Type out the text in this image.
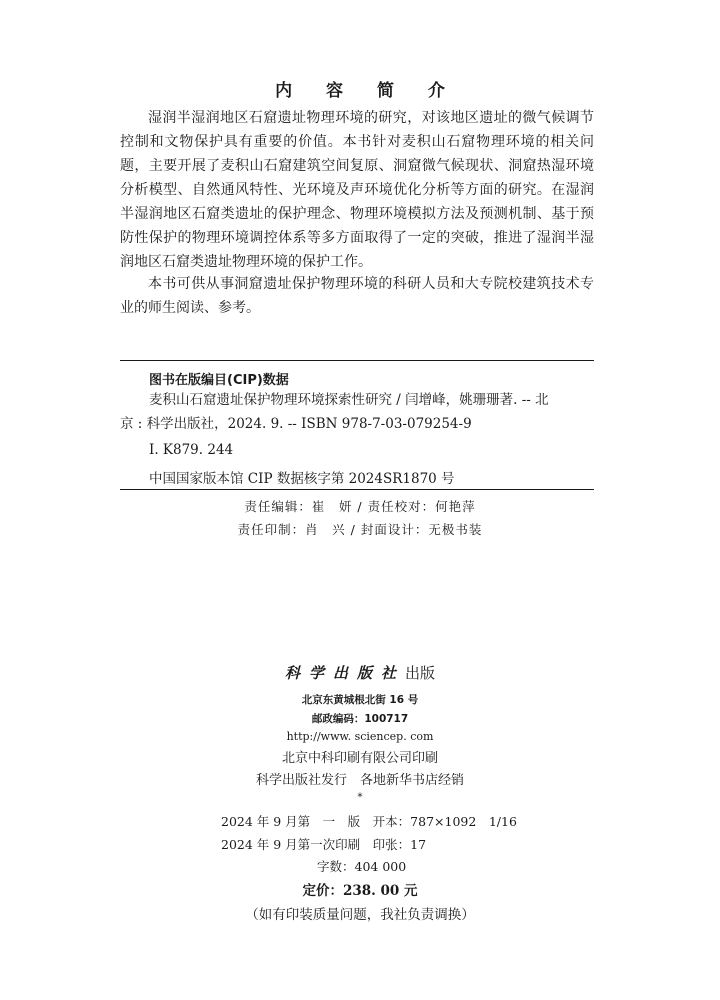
内 容 简 介
湿润半湿润地区石窟遗址物理环境的研究，对该地区遗址的微气候调节控制和文物保护具有重要的价值。本书针对麦积山石窟物理环境的相关问题，主要开展了麦积山石窟建筑空间复原、洞窟微气候现状、洞窟热湿环境分析模型、自然通风特性、光环境及声环境优化分析等方面的研究。在湿润半湿润地区石窟类遗址的保护理念、物理环境模拟方法及预测机制、基于预防性保护的物理环境调控体系等多方面取得了一定的突破，推进了湿润半湿润地区石窟类遗址物理环境的保护工作。
本书可供从事洞窟遗址保护物理环境的科研人员和大专院校建筑技术专业的师生阅读、参考。
图书在版编目(CIP)数据
麦积山石窟遗址保护物理环境探索性研究 / 闫增峰，姚珊珊著. -- 北
京 : 科学出版社，2024. 9. -- ISBN 978-7-03-079254-9
Ⅰ. K879. 244
中国国家版本馆 CIP 数据核字第 2024SR1870 号
责任编辑：崔　妍 / 责任校对：何艳萍
责任印制：肖　兴 / 封面设计：无极书装
科学出版社出版
北京东黄城根北街 16 号
邮政编码：100717
http://www. sciencep. com
北京中科印刷有限公司印刷
科学出版社发行　各地新华书店经销
*
2024 年 9 月第　一　版　开本：787×1092　1/16
2024 年 9 月第一次印刷　印张：17
字数：404 000
定价：238. 00 元
（如有印装质量问题，我社负责调换）
